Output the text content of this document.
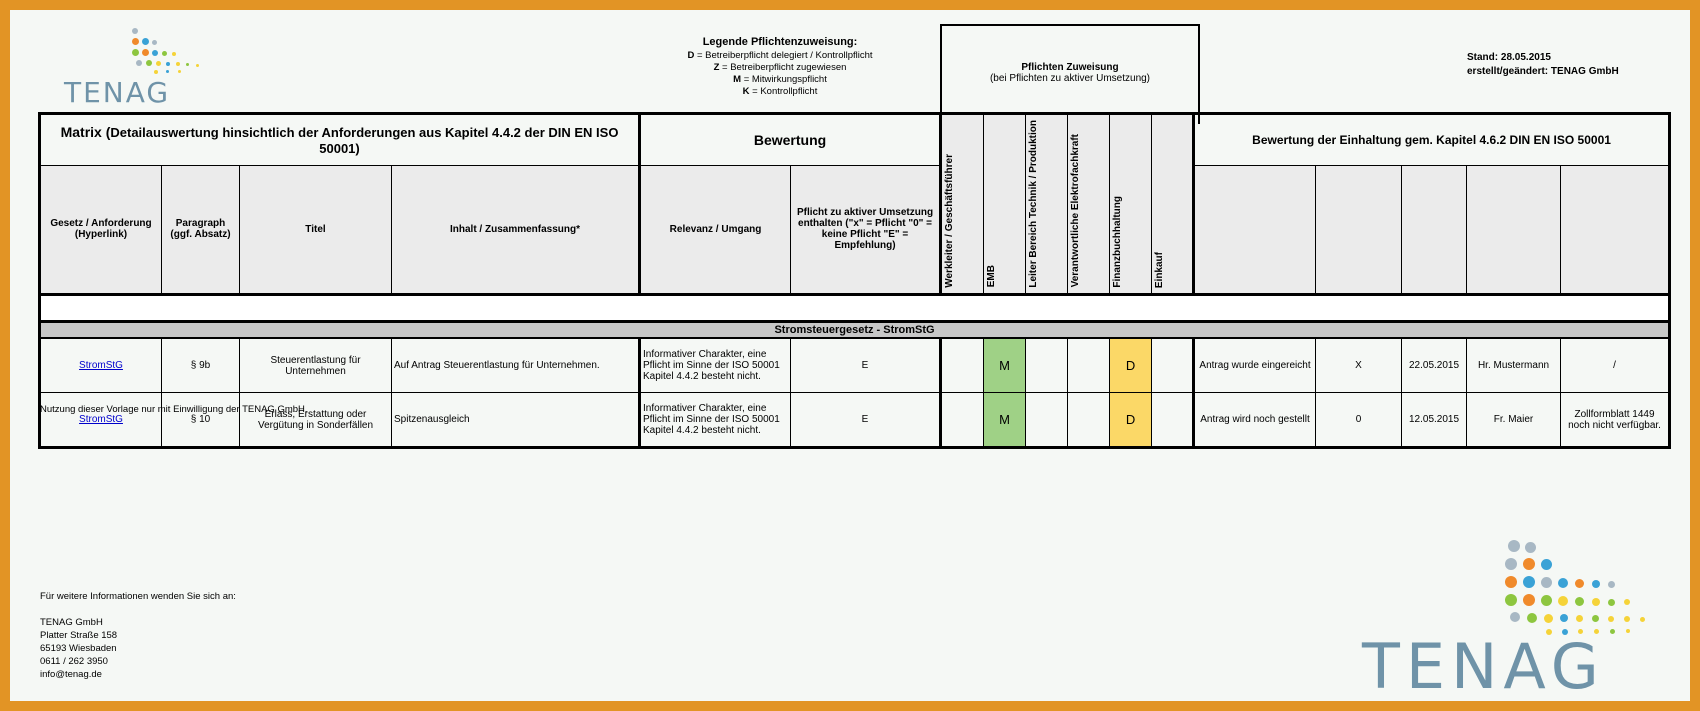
TENAG
Legende Pflichtenzuweisung:
D = Betreiberpflicht delegiert / Kontrollpflicht
Z = Betreiberpflicht zugewiesen
M = Mitwirkungspflicht
K = Kontrollpflicht
Pflichten Zuweisung
(bei Pflichten zu aktiver Umsetzung)
Stand: 28.05.2015
erstellt/geändert: TENAG GmbH
Matrix (Detailauswertung hinsichtlich der Anforderungen aus Kapitel 4.4.2 der DIN EN ISO 50001)				Bewertung		Werkleiter / Geschäftsführer	EMB	Leiter Bereich Technik / Produktion	Verantwortliche Elektrofachkraft	Finanzbuchhaltung	Einkauf	Bewertung der Einhaltung gem. Kapitel 4.6.2 DIN EN ISO 50001				
Gesetz / Anforderung (Hyperlink)	Paragraph (ggf. Absatz)	Titel	Inhalt / Zusammenfassung*	Relevanz / Umgang	Pflicht zu aktiver Umsetzung enthalten ("x" = Pflicht "0" = keine Pflicht "E" = Empfehlung)											

Stromsteuergesetz - StromStG																
StromStG	§ 9b	Steuerentlastung für Unternehmen	Auf Antrag Steuerentlastung für Unternehmen.	Informativer Charakter, eine Pflicht im Sinne der ISO 50001 Kapitel 4.4.2 besteht nicht.	E		M			D		Antrag wurde eingereicht	X	22.05.2015	Hr. Mustermann	/
StromStG	§ 10	Erlass, Erstattung oder Vergütung in Sonderfällen	Spitzenausgleich	Informativer Charakter, eine Pflicht im Sinne der ISO 50001 Kapitel 4.4.2 besteht nicht.	E		M			D		Antrag wird noch gestellt	0	12.05.2015	Fr. Maier	Zollformblatt 1449 noch nicht verfügbar.
Nutzung dieser Vorlage nur mit Einwilligung der TENAG GmbH.
Für weitere Informationen wenden Sie sich an:
TENAG GmbH
Platter Straße 158
65193 Wiesbaden
0611 / 262 3950
info@tenag.de	TENAG
